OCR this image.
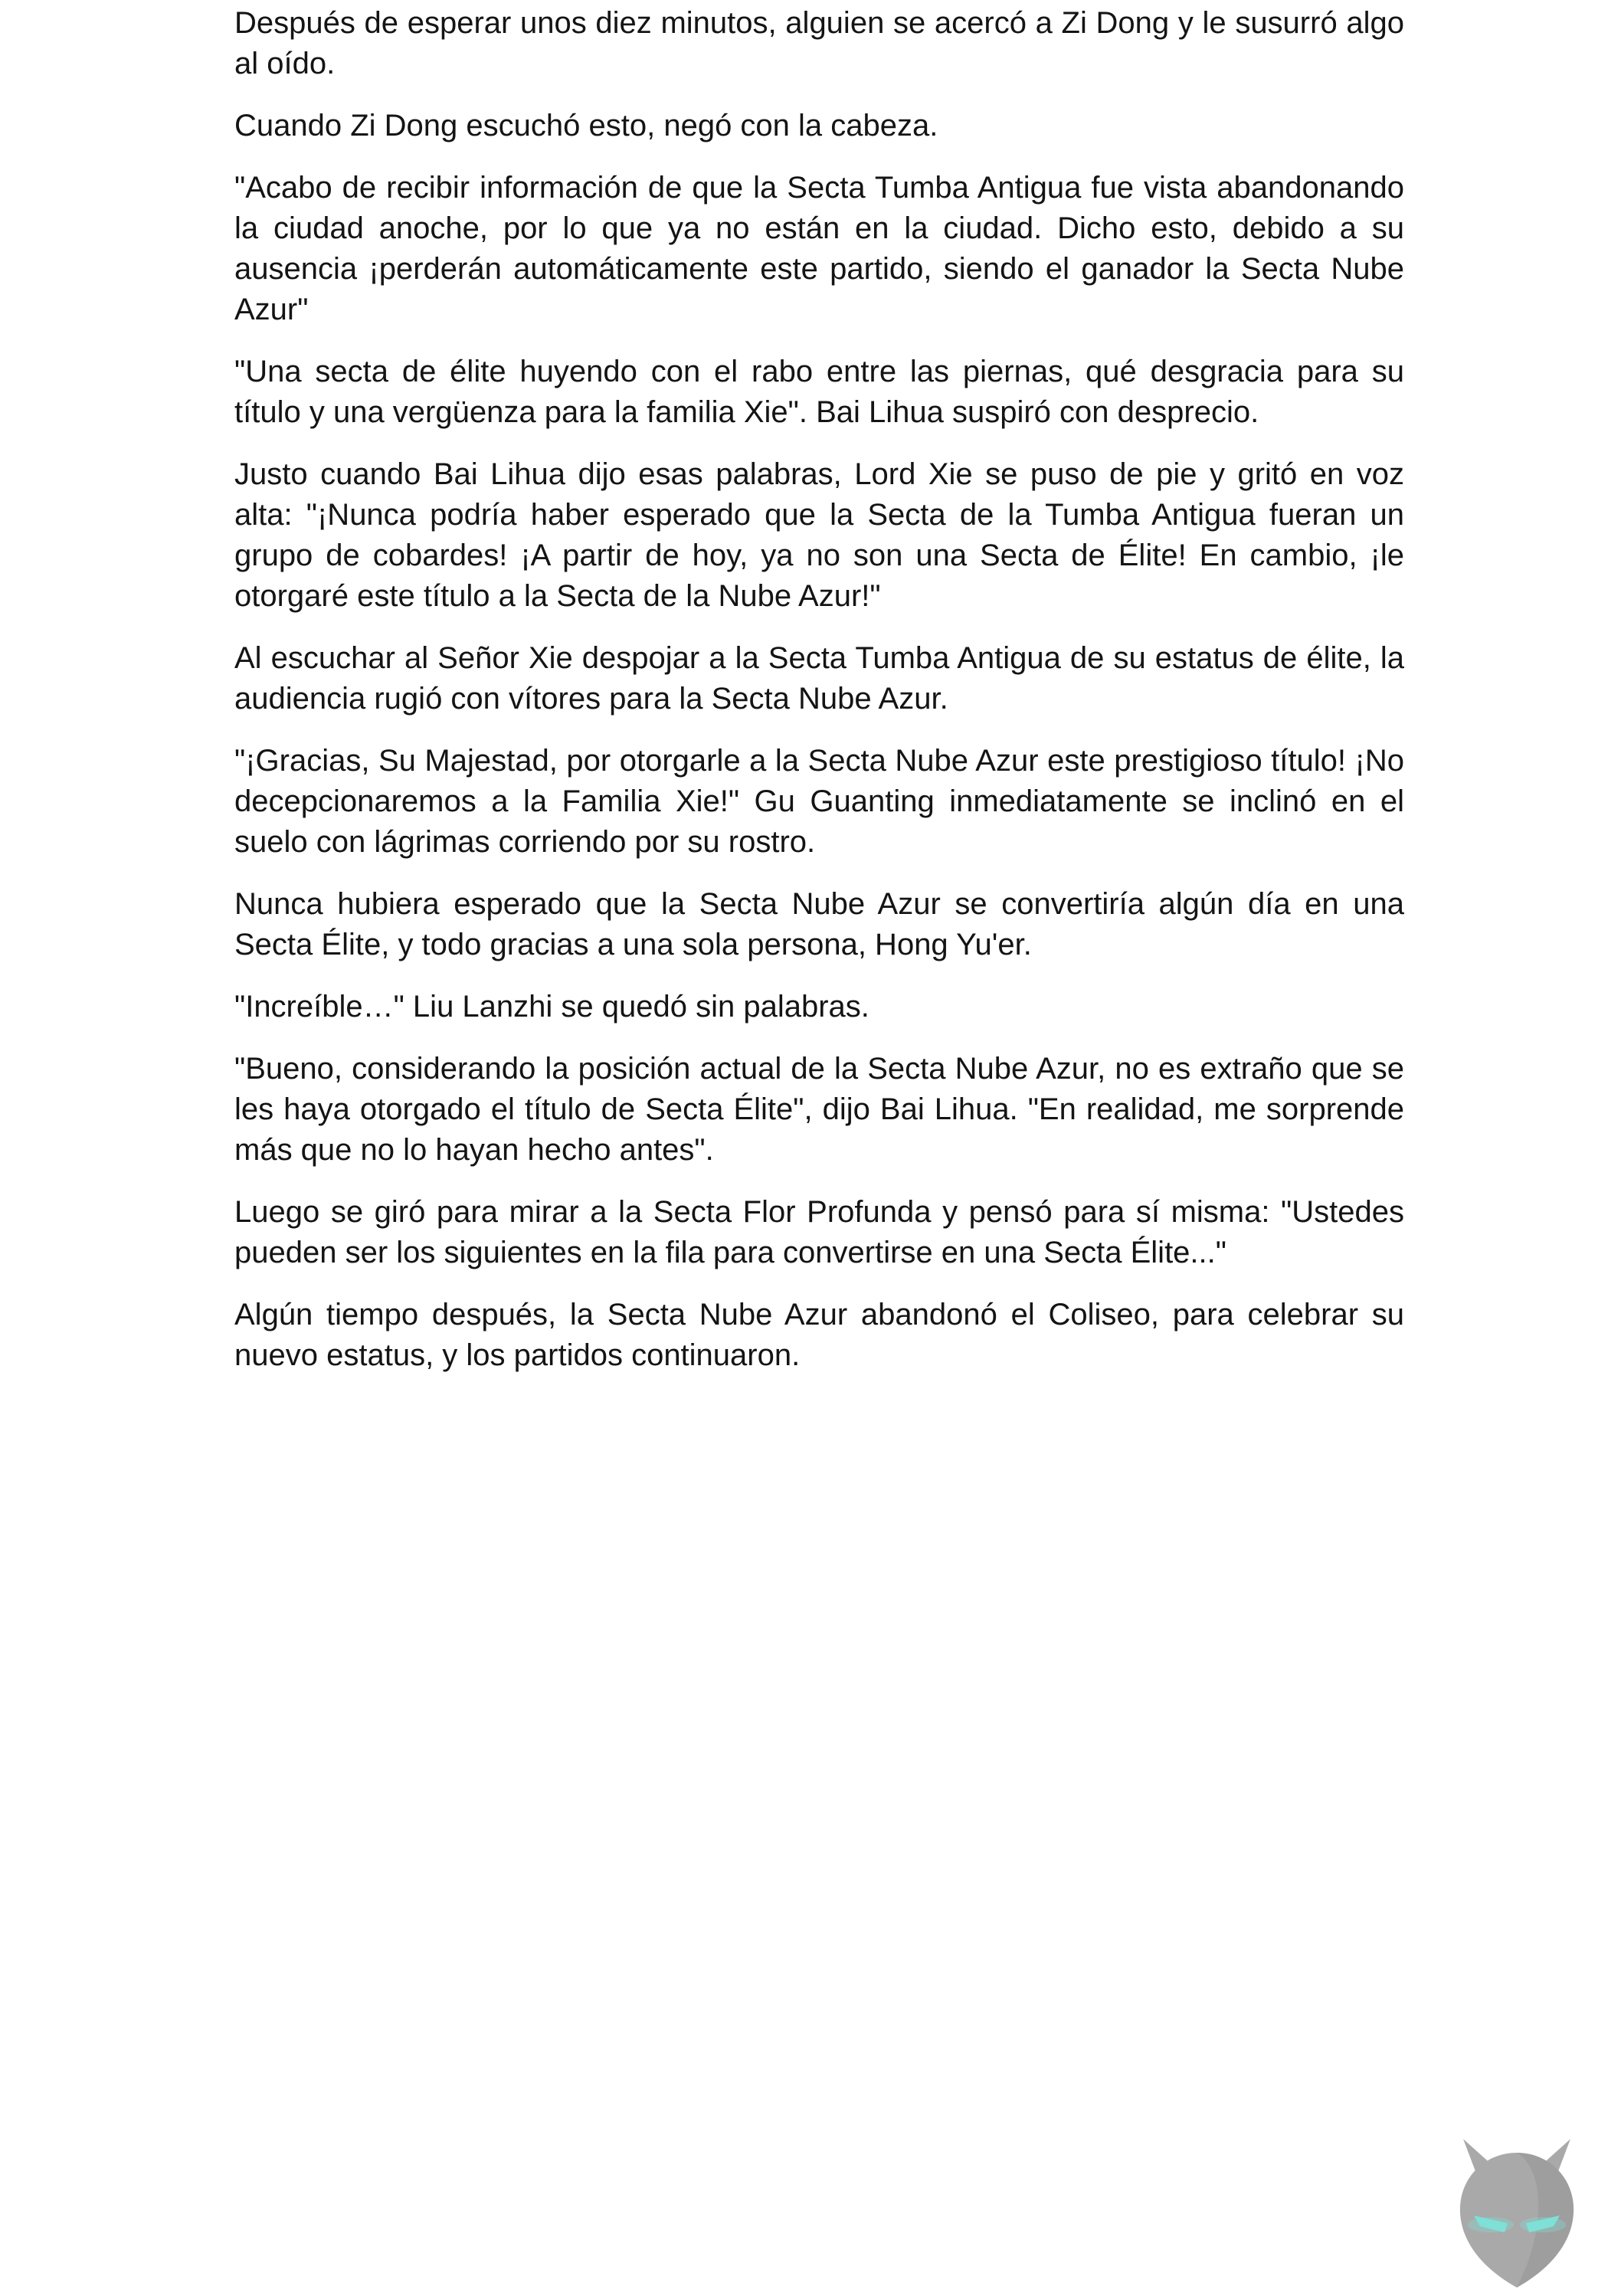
Después de esperar unos diez minutos, alguien se acercó a Zi Dong y le susurró algo al oído.

Cuando Zi Dong escuchó esto, negó con la cabeza.

"Acabo de recibir información de que la Secta Tumba Antigua fue vista abandonando la ciudad anoche, por lo que ya no están en la ciudad. Dicho esto, debido a su ausencia ¡perderán automáticamente este partido, siendo el ganador la Secta Nube Azur"

"Una secta de élite huyendo con el rabo entre las piernas, qué desgracia para su título y una vergüenza para la familia Xie". Bai Lihua suspiró con desprecio.

Justo cuando Bai Lihua dijo esas palabras, Lord Xie se puso de pie y gritó en voz alta: "¡Nunca podría haber esperado que la Secta de la Tumba Antigua fueran un grupo de cobardes! ¡A partir de hoy, ya no son una Secta de Élite! En cambio, ¡le otorgaré este título a la Secta de la Nube Azur!"

Al escuchar al Señor Xie despojar a la Secta Tumba Antigua de su estatus de élite, la audiencia rugió con vítores para la Secta Nube Azur.

"¡Gracias, Su Majestad, por otorgarle a la Secta Nube Azur este prestigioso título! ¡No decepcionaremos a la Familia Xie!" Gu Guanting inmediatamente se inclinó en el suelo con lágrimas corriendo por su rostro.

Nunca hubiera esperado que la Secta Nube Azur se convertiría algún día en una Secta Élite, y todo gracias a una sola persona, Hong Yu'er.

"Increíble…" Liu Lanzhi se quedó sin palabras.

"Bueno, considerando la posición actual de la Secta Nube Azur, no es extraño que se les haya otorgado el título de Secta Élite", dijo Bai Lihua. "En realidad, me sorprende más que no lo hayan hecho antes".

Luego se giró para mirar a la Secta Flor Profunda y pensó para sí misma: "Ustedes pueden ser los siguientes en la fila para convertirse en una Secta Élite..."

Algún tiempo después, la Secta Nube Azur abandonó el Coliseo, para celebrar su nuevo estatus, y los partidos continuaron.
